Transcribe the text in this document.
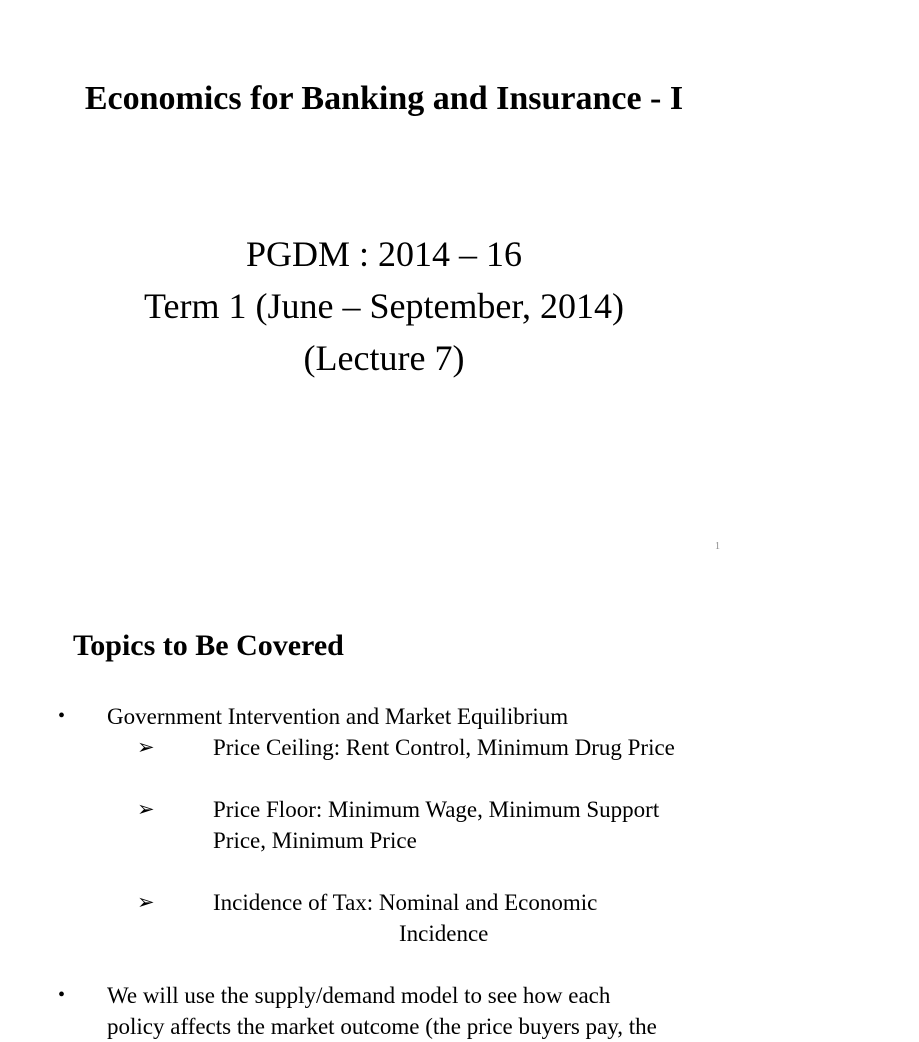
Economics for Banking and Insurance - I
PGDM : 2014 – 16
Term 1 (June – September, 2014)
(Lecture 7)
1
Topics to Be Covered
• Government Intervention and Market Equilibrium
➢	Price Ceiling: Rent Control, Minimum Drug Price
➢	Price Floor: Minimum Wage, Minimum Support
Price, Minimum Price
➢	Incidence of Tax: Nominal and Economic
Incidence
• We will use the supply/demand model to see how each
policy affects the market outcome (the price buyers pay, the
